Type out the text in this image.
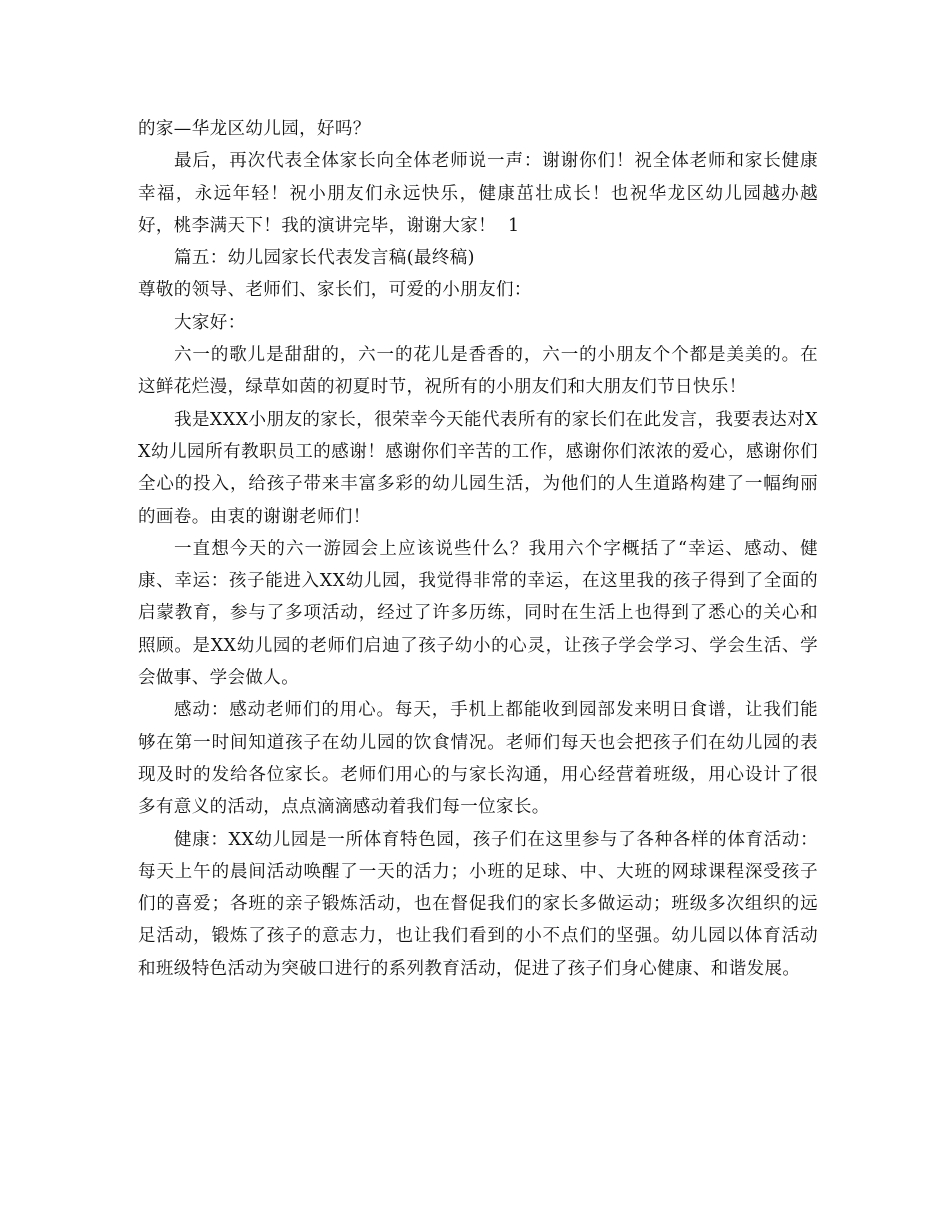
的家—华龙区幼儿园，好吗？

最后，再次代表全体家长向全体老师说一声：谢谢你们！祝全体老师和家长健康幸福，永远年轻！祝小朋友们永远快乐，健康茁壮成长！也祝华龙区幼儿园越办越好，桃李满天下！我的演讲完毕，谢谢大家！ 1

篇五：幼儿园家长代表发言稿(最终稿)

尊敬的领导、老师们、家长们，可爱的小朋友们：

大家好：

六一的歌儿是甜甜的，六一的花儿是香香的，六一的小朋友个个都是美美的。在这鲜花烂漫，绿草如茵的初夏时节，祝所有的小朋友们和大朋友们节日快乐！

我是XXX小朋友的家长，很荣幸今天能代表所有的家长们在此发言，我要表达对XX幼儿园所有教职员工的感谢！感谢你们辛苦的工作，感谢你们浓浓的爱心，感谢你们全心的投入，给孩子带来丰富多彩的幼儿园生活，为他们的人生道路构建了一幅绚丽的画卷。由衷的谢谢老师们！

一直想今天的六一游园会上应该说些什么？我用六个字概括了“幸运、感动、健康、幸运：孩子能进入XX幼儿园，我觉得非常的幸运，在这里我的孩子得到了全面的启蒙教育，参与了多项活动，经过了许多历练，同时在生活上也得到了悉心的关心和照顾。是XX幼儿园的老师们启迪了孩子幼小的心灵，让孩子学会学习、学会生活、学会做事、学会做人。

感动：感动老师们的用心。每天，手机上都能收到园部发来明日食谱，让我们能够在第一时间知道孩子在幼儿园的饮食情况。老师们每天也会把孩子们在幼儿园的表现及时的发给各位家长。老师们用心的与家长沟通，用心经营着班级，用心设计了很多有意义的活动，点点滴滴感动着我们每一位家长。

健康：XX幼儿园是一所体育特色园，孩子们在这里参与了各种各样的体育活动：每天上午的晨间活动唤醒了一天的活力；小班的足球、中、大班的网球课程深受孩子们的喜爱；各班的亲子锻炼活动，也在督促我们的家长多做运动；班级多次组织的远足活动，锻炼了孩子的意志力，也让我们看到的小不点们的坚强。幼儿园以体育活动和班级特色活动为突破口进行的系列教育活动，促进了孩子们身心健康、和谐发展。
